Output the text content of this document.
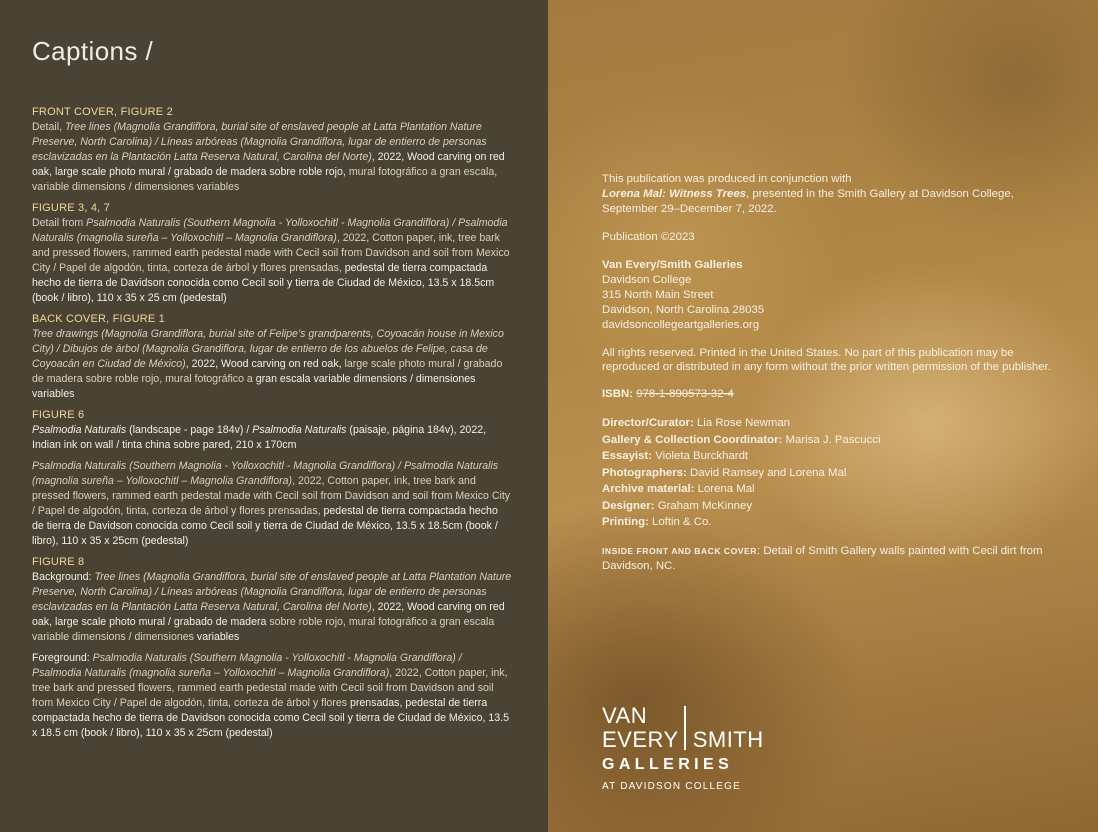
Captions /
FRONT COVER, FIGURE 2
Detail, Tree lines (Magnolia Grandiflora, burial site of enslaved people at Latta Plantation Nature Preserve, North Carolina) / Líneas arbóreas (Magnolia Grandiflora, lugar de entierro de personas esclavizadas en la Plantación Latta Reserva Natural, Carolina del Norte), 2022, Wood carving on red oak, large scale photo mural / grabado de madera sobre roble rojo, mural fotográfico a gran escala, variable dimensions / dimensiones variables
FIGURE 3, 4, 7
Detail from Psalmodia Naturalis (Southern Magnolia - Yolloxochitl - Magnolia Grandiflora) / Psalmodia Naturalis (magnolia sureña – Yolloxochitl – Magnolia Grandiflora), 2022, Cotton paper, ink, tree bark and pressed flowers, rammed earth pedestal made with Cecil soil from Davidson and soil from Mexico City / Papel de algodón, tinta, corteza de árbol y flores prensadas, pedestal de tierra compactada hecho de tierra de Davidson conocida como Cecil soil y tierra de Ciudad de México, 13.5 x 18.5cm (book / libro), 110 x 35 x 25 cm (pedestal)
BACK COVER, FIGURE 1
Tree drawings (Magnolia Grandiflora, burial site of Felipe’s grandparents, Coyoacán house in Mexico City) / Dibujos de árbol (Magnolia Grandiflora, lugar de entierro de los abuelos de Felipe, casa de Coyoacán en Ciudad de México), 2022, Wood carving on red oak, large scale photo mural / grabado de madera sobre roble rojo, mural fotográfico a gran escala variable dimensions / dimensiones variables
FIGURE 6
Psalmodia Naturalis (landscape - page 184v) / Psalmodia Naturalis (paisaje, página 184v), 2022, Indian ink on wall / tinta china sobre pared, 210 x 170cm
Psalmodia Naturalis (Southern Magnolia - Yolloxochitl - Magnolia Grandiflora) / Psalmodia Naturalis (magnolia sureña – Yolloxochitl – Magnolia Grandiflora), 2022, Cotton paper, ink, tree bark and pressed flowers, rammed earth pedestal made with Cecil soil from Davidson and soil from Mexico City / Papel de algodón, tinta, corteza de árbol y flores prensadas, pedestal de tierra compactada hecho de tierra de Davidson conocida como Cecil soil y tierra de Ciudad de México, 13.5 x 18.5cm (book / libro), 110 x 35 x 25cm (pedestal)
FIGURE 8
Background: Tree lines (Magnolia Grandiflora, burial site of enslaved people at Latta Plantation Nature Preserve, North Carolina) / Líneas arbóreas (Magnolia Grandiflora, lugar de entierro de personas esclavizadas en la Plantación Latta Reserva Natural, Carolina del Norte), 2022, Wood carving on red oak, large scale photo mural / grabado de madera sobre roble rojo, mural fotográfico a gran escala variable dimensions / dimensiones variables
Foreground: Psalmodia Naturalis (Southern Magnolia - Yolloxochitl - Magnolia Grandiflora) / Psalmodia Naturalis (magnolia sureña – Yolloxochitl – Magnolia Grandiflora), 2022, Cotton paper, ink, tree bark and pressed flowers, rammed earth pedestal made with Cecil soil from Davidson and soil from Mexico City / Papel de algodón, tinta, corteza de árbol y flores prensadas, pedestal de tierra compactada hecho de tierra de Davidson conocida como Cecil soil y tierra de Ciudad de México, 13.5 x 18.5 cm (book / libro), 110 x 35 x 25cm (pedestal)

This publication was produced in conjunction with
Lorena Mal: Witness Trees, presented in the Smith Gallery at Davidson College, September 29–December 7, 2022.

Publication ©2023

Van Every/Smith Galleries
Davidson College
315 North Main Street
Davidson, North Carolina 28035
davidsoncollegeartgalleries.org

All rights reserved. Printed in the United States. No part of this publication may be reproduced or distributed in any form without the prior written permission of the publisher.

ISBN: 978-1-890573-32-4

Director/Curator: Lia Rose Newman
Gallery & Collection Coordinator: Marisa J. Pascucci
Essayist: Violeta Burckhardt
Photographers: David Ramsey and Lorena Mal
Archive material: Lorena Mal
Designer: Graham McKinney
Printing: Loftin & Co.

INSIDE FRONT AND BACK COVER: Detail of Smith Gallery walls painted with Cecil dirt from Davidson, NC.

VAN
EVERY SMITH
GALLERIES
AT DAVIDSON COLLEGE
